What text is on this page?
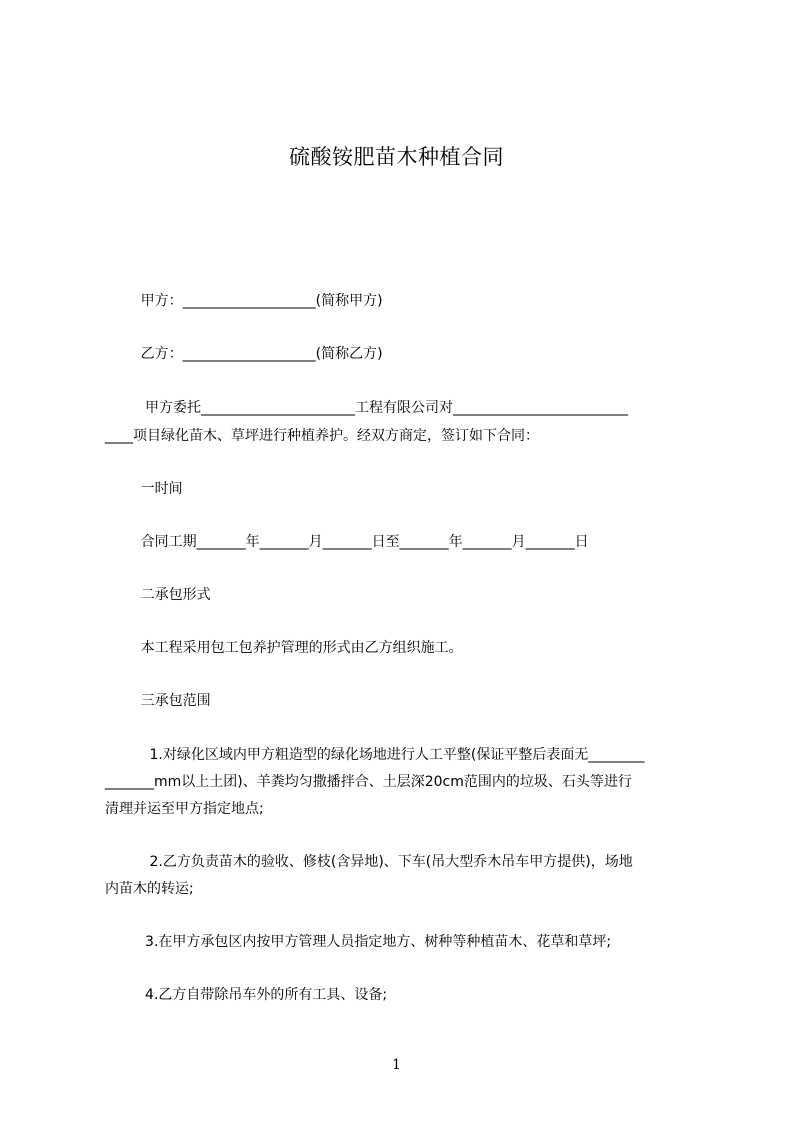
硫酸铵肥苗木种植合同
甲方：___________________(简称甲方)
乙方：___________________(简称乙方)
甲方委托______________________工程有限公司对_________________________
____项目绿化苗木、草坪进行种植养护。经双方商定，签订如下合同：
一时间
合同工期_______年_______月_______日至_______年_______月_______日
二承包形式
本工程采用包工包养护管理的形式由乙方组织施工。
三承包范围
1.对绿化区域内甲方粗造型的绿化场地进行人工平整(保证平整后表面无________
_______mm以上土团)、羊粪均匀撒播拌合、土层深20cm范围内的垃圾、石头等进行
清理并运至甲方指定地点;
2.乙方负责苗木的验收、修枝(含异地)、下车(吊大型乔木吊车甲方提供)，场地
内苗木的转运;
3.在甲方承包区内按甲方管理人员指定地方、树种等种植苗木、花草和草坪;
4.乙方自带除吊车外的所有工具、设备;
1
